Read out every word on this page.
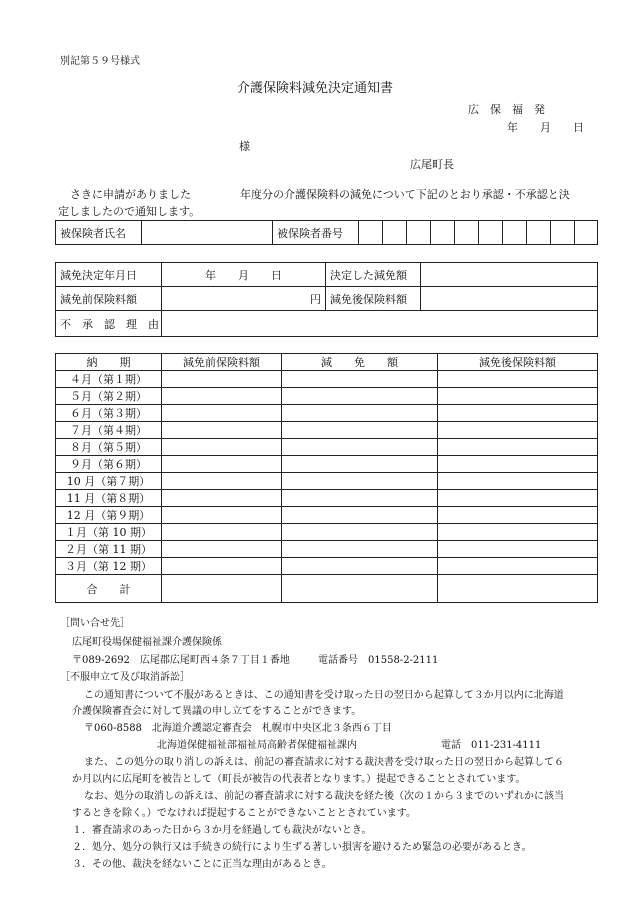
別記第５９号様式
介護保険料減免決定通知書
広　保　福　発
年　　月　　日
様
広尾町長
さきに申請がありました	年度分の介護保険料の減免について下記のとおり承認・不承認と決
定しましたので通知します。
被保険者氏名		被保険者番号										
減免決定年月日	年　　月　　日	決定した減免額	
減免前保険料額	円	減免後保険料額	
不　承　認　理　由			
納　　期	減免前保険料額	減　　免　　額	減免後保険料額
４月（第１期）			
５月（第２期）			
６月（第３期）			
７月（第４期）			
８月（第５期）			
９月（第６期）			
10 月（第７期）			
11 月（第８期）			
12 月（第９期）			
１月（第 10 期）			
２月（第 11 期）			
３月（第 12 期）			
合　　計			
［問い合せ先］
広尾町役場保健福祉課介護保険係
〒089-2692　広尾郡広尾町西４条７丁目１番地	電話番号　01558-2-2111
［不服申立て及び取消訴訟］
この通知書について不服があるときは、この通知書を受け取った日の翌日から起算して３か月以内に北海道
介護保険審査会に対して異議の申し立てをすることができます。
〒060-8588　北海道介護認定審査会　札幌市中央区北３条西６丁目
北海道保健福祉部福祉局高齢者保健福祉課内	電話　011-231-4111
また、この処分の取り消しの訴えは、前記の審査請求に対する裁決書を受け取った日の翌日から起算して６
か月以内に広尾町を被告として（町長が被告の代表者となります。）提起できることとされています。
なお、処分の取消しの訴えは、前記の審査請求に対する裁決を経た後（次の１から３までのいずれかに該当
するときを除く。）でなければ提起することができないこととされています。
１．審査請求のあった日から３か月を経過しても裁決がないとき。
２．処分、処分の執行又は手続きの続行により生ずる著しい損害を避けるため緊急の必要があるとき。
３．その他、裁決を経ないことに正当な理由があるとき。
